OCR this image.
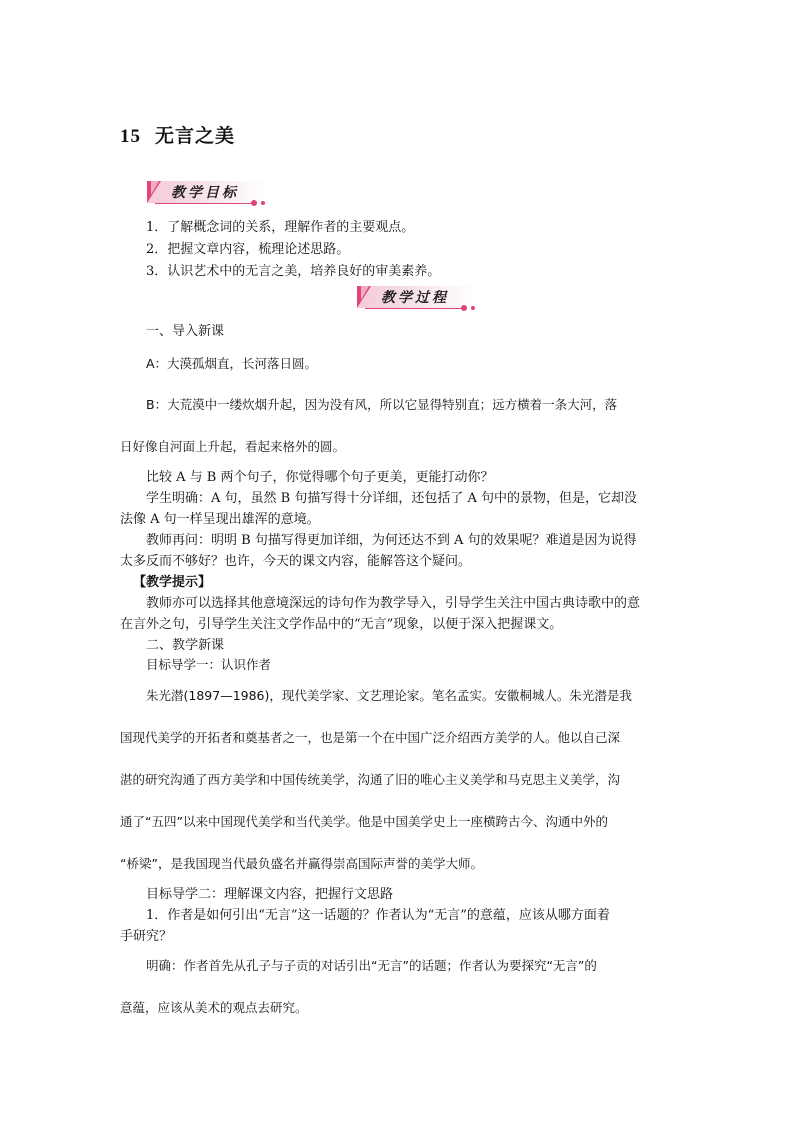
15 无言之美
教学目标
1．了解概念词的关系，理解作者的主要观点。
2．把握文章内容，梳理论述思路。
3．认识艺术中的无言之美，培养良好的审美素养。
教学过程
一、导入新课
A：大漠孤烟直，长河落日圆。
B：大荒漠中一缕炊烟升起，因为没有风，所以它显得特别直；远方横着一条大河，落
日好像自河面上升起，看起来格外的圆。
比较 A 与 B 两个句子，你觉得哪个句子更美，更能打动你？
学生明确：A 句，虽然 B 句描写得十分详细，还包括了 A 句中的景物，但是，它却没
法像 A 句一样呈现出雄浑的意境。
教师再问：明明 B 句描写得更加详细，为何还达不到 A 句的效果呢？难道是因为说得
太多反而不够好？也许，今天的课文内容，能解答这个疑问。
【教学提示】
教师亦可以选择其他意境深远的诗句作为教学导入，引导学生关注中国古典诗歌中的意
在言外之句，引导学生关注文学作品中的“无言”现象，以便于深入把握课文。
二、教学新课
目标导学一：认识作者
朱光潜(1897—1986)，现代美学家、文艺理论家。笔名孟实。安徽桐城人。朱光潜是我
国现代美学的开拓者和奠基者之一，也是第一个在中国广泛介绍西方美学的人。他以自己深
湛的研究沟通了西方美学和中国传统美学，沟通了旧的唯心主义美学和马克思主义美学，沟
通了“五四”以来中国现代美学和当代美学。他是中国美学史上一座横跨古今、沟通中外的
“桥梁”，是我国现当代最负盛名并赢得崇高国际声誉的美学大师。
目标导学二：理解课文内容，把握行文思路
1．作者是如何引出“无言”这一话题的？作者认为“无言”的意蕴，应该从哪方面着
手研究？
明确：作者首先从孔子与子贡的对话引出“无言”的话题；作者认为要探究“无言”的
意蕴，应该从美术的观点去研究。
